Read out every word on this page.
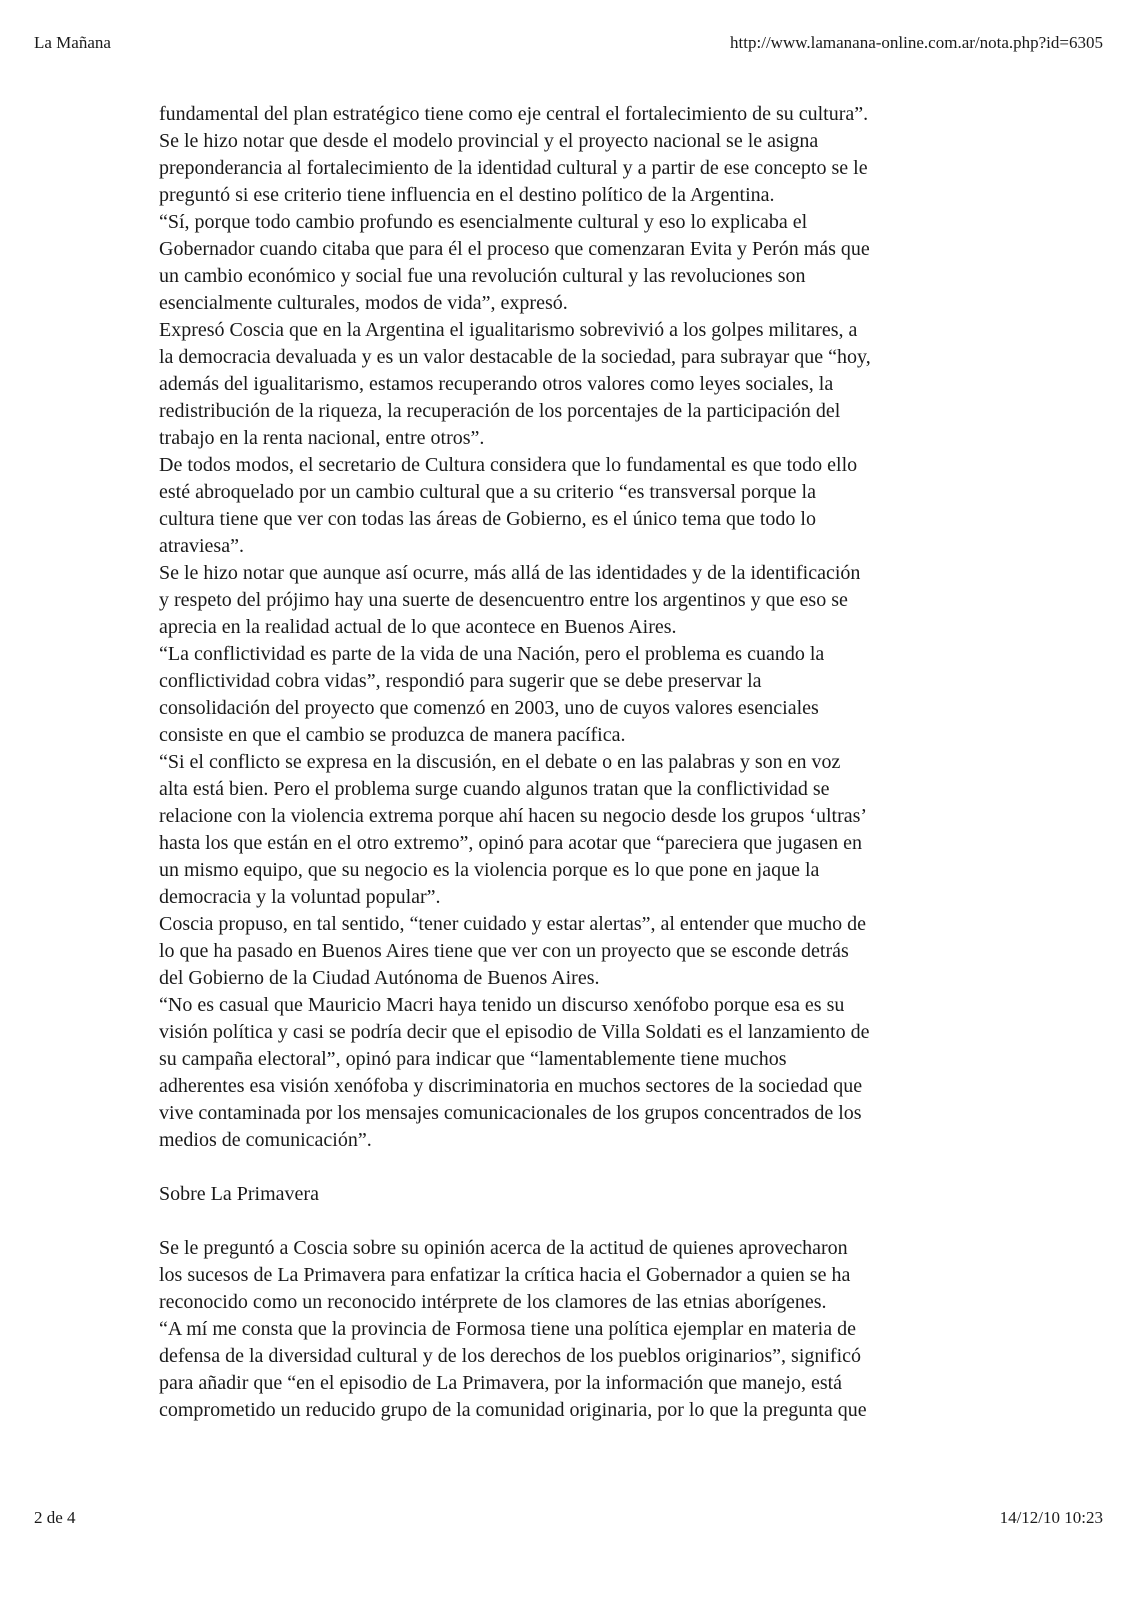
La Mañana	http://www.lamanana-online.com.ar/nota.php?id=6305
fundamental del plan estratégico tiene como eje central el fortalecimiento de su cultura”.
Se le hizo notar que desde el modelo provincial y el proyecto nacional se le asigna
preponderancia al fortalecimiento de la identidad cultural y a partir de ese concepto se le
preguntó si ese criterio tiene influencia en el destino político de la Argentina.
“Sí, porque todo cambio profundo es esencialmente cultural y eso lo explicaba el
Gobernador cuando citaba que para él el proceso que comenzaran Evita y Perón más que
un cambio económico y social fue una revolución cultural y las revoluciones son
esencialmente culturales, modos de vida”, expresó.
Expresó Coscia que en la Argentina el igualitarismo sobrevivió a los golpes militares, a
la democracia devaluada y es un valor destacable de la sociedad, para subrayar que “hoy,
además del igualitarismo, estamos recuperando otros valores como leyes sociales, la
redistribución de la riqueza, la recuperación de los porcentajes de la participación del
trabajo en la renta nacional, entre otros”.
De todos modos, el secretario de Cultura considera que lo fundamental es que todo ello
esté abroquelado por un cambio cultural que a su criterio “es transversal porque la
cultura tiene que ver con todas las áreas de Gobierno, es el único tema que todo lo
atraviesa”.
Se le hizo notar que aunque así ocurre, más allá de las identidades y de la identificación
y respeto del prójimo hay una suerte de desencuentro entre los argentinos y que eso se
aprecia en la realidad actual de lo que acontece en Buenos Aires.
“La conflictividad es parte de la vida de una Nación, pero el problema es cuando la
conflictividad cobra vidas”, respondió para sugerir que se debe preservar la
consolidación del proyecto que comenzó en 2003, uno de cuyos valores esenciales
consiste en que el cambio se produzca de manera pacífica.
“Si el conflicto se expresa en la discusión, en el debate o en las palabras y son en voz
alta está bien. Pero el problema surge cuando algunos tratan que la conflictividad se
relacione con la violencia extrema porque ahí hacen su negocio desde los grupos ‘ultras’
hasta los que están en el otro extremo”, opinó para acotar que “pareciera que jugasen en
un mismo equipo, que su negocio es la violencia porque es lo que pone en jaque la
democracia y la voluntad popular”.
Coscia propuso, en tal sentido, “tener cuidado y estar alertas”, al entender que mucho de
lo que ha pasado en Buenos Aires tiene que ver con un proyecto que se esconde detrás
del Gobierno de la Ciudad Autónoma de Buenos Aires.
“No es casual que Mauricio Macri haya tenido un discurso xenófobo porque esa es su
visión política y casi se podría decir que el episodio de Villa Soldati es el lanzamiento de
su campaña electoral”, opinó para indicar que “lamentablemente tiene muchos
adherentes esa visión xenófoba y discriminatoria en muchos sectores de la sociedad que
vive contaminada por los mensajes comunicacionales de los grupos concentrados de los
medios de comunicación”.
Sobre La Primavera
Se le preguntó a Coscia sobre su opinión acerca de la actitud de quienes aprovecharon
los sucesos de La Primavera para enfatizar la crítica hacia el Gobernador a quien se ha
reconocido como un reconocido intérprete de los clamores de las etnias aborígenes.
“A mí me consta que la provincia de Formosa tiene una política ejemplar en materia de
defensa de la diversidad cultural y de los derechos de los pueblos originarios”, significó
para añadir que “en el episodio de La Primavera, por la información que manejo, está
comprometido un reducido grupo de la comunidad originaria, por lo que la pregunta que
2 de 4	14/12/10 10:23
